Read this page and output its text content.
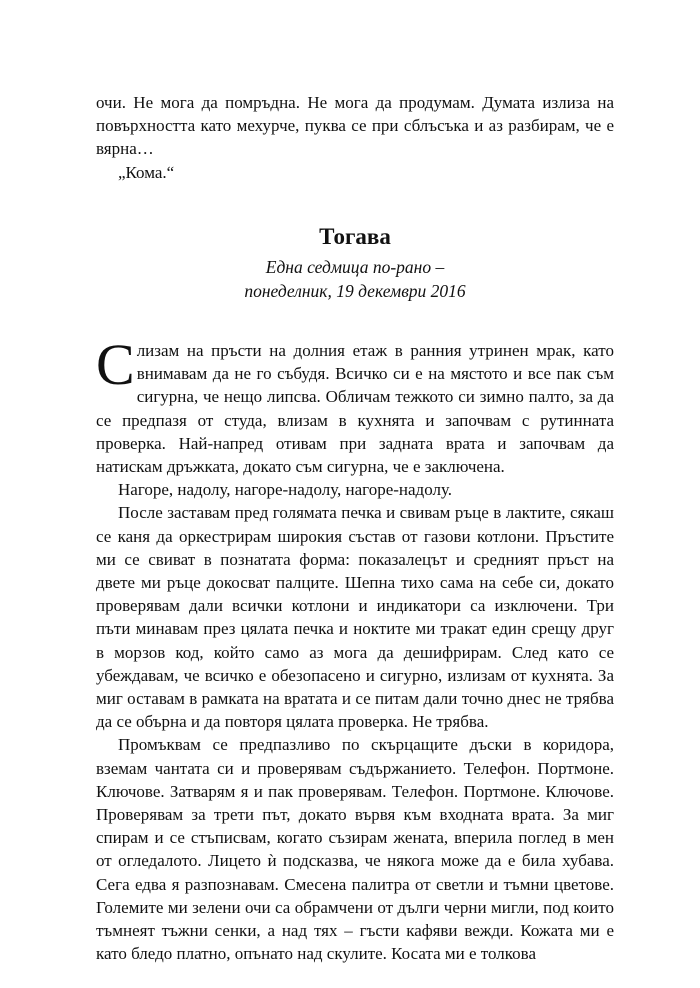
очи. Не мога да помръдна. Не мога да продумам. Думата излиза на повърхността като мехурче, пуква се при сблъсъка и аз разбирам, че е вярна…

„Кома.“

Тогава
Една седмица по-рано –
понеделник, 19 декември 2016

Слизам на пръсти на долния етаж в ранния утринен мрак, като внимавам да не го събудя. Всичко си е на мястото и все пак съм сигурна, че нещо липсва. Обличам тежкото си зимно палто, за да се предпазя от студа, влизам в кухнята и започвам с рутинната проверка. Най-напред отивам при задната врата и започвам да натискам дръжката, докато съм сигурна, че е заключена.

Нагоре, надолу, нагоре-надолу, нагоре-надолу.

После заставам пред голямата печка и свивам ръце в лактите, сякаш се каня да оркестрирам широкия състав от газови котлони. Пръстите ми се свиват в познатата форма: показалецът и средният пръст на двете ми ръце докосват палците. Шепна тихо сама на себе си, докато проверявам дали всички котлони и индикатори са изключени. Три пъти минавам през цялата печка и ноктите ми тракат един срещу друг в морзов код, който само аз мога да дешифрирам. След като се убеждавам, че всичко е обезопасено и сигурно, излизам от кухнята. За миг оставам в рамката на вратата и се питам дали точно днес не трябва да се обърна и да повторя цялата проверка. Не трябва.

Промъквам се предпазливо по скърцащите дъски в коридора, вземам чантата си и проверявам съдържанието. Телефон. Портмоне. Ключове. Затварям я и пак проверявам. Телефон. Портмоне. Ключове. Проверявам за трети път, докато вървя към входната врата. За миг спирам и се стъписвам, когато съзирам жената, вперила поглед в мен от огледалото. Лицето ѝ подсказва, че някога може да е била хубава. Сега едва я разпознавам. Смесена палитра от светли и тъмни цветове. Големите ми зелени очи са обрамчени от дълги черни мигли, под които тъмнеят тъжни сенки, а над тях – гъсти кафяви вежди. Кожата ми е като бледо платно, опънато над скулите. Косата ми е толкова
